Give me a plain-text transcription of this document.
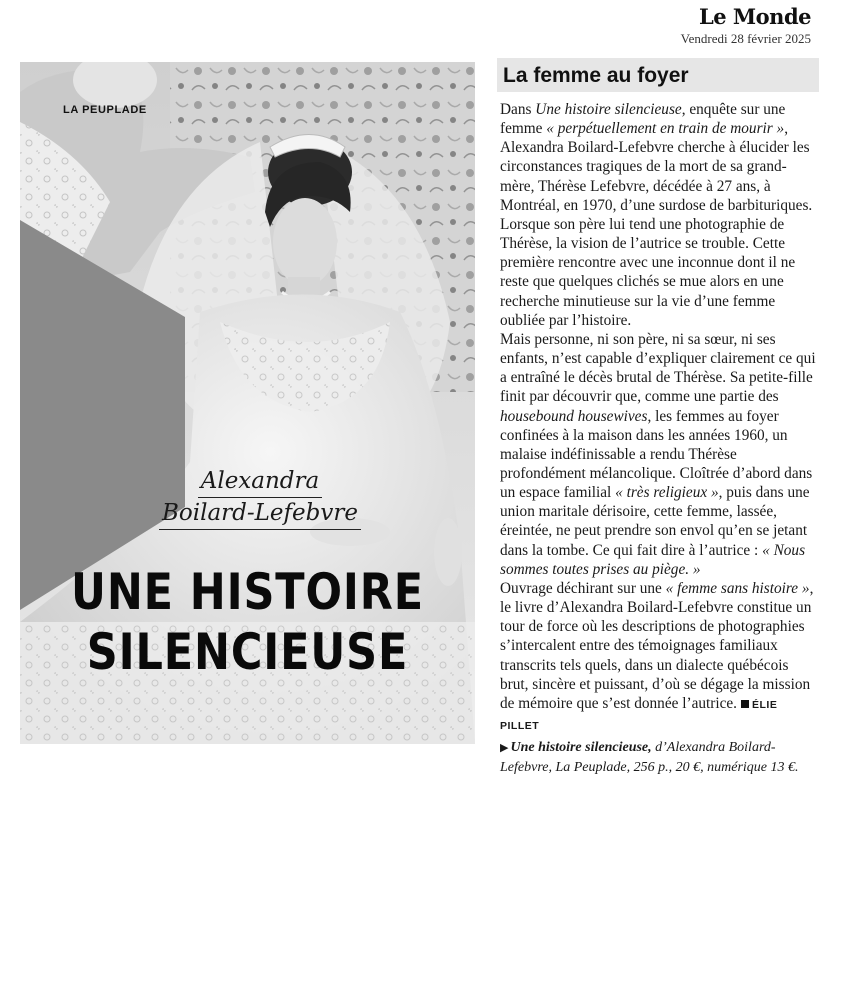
Le Monde
Vendredi 28 février 2025
LA PEUPLADE
Alexandra
Boilard-Lefebvre
UNE HISTOIRE
SILENCIEUSE
La femme au foyer

Dans Une histoire silencieuse, enquête sur une femme « perpétuellement en train de mourir », Alexandra Boilard-Lefebvre cherche à élucider les circonstances tragiques de la mort de sa grand-mère, Thérèse Lefebvre, décédée à 27 ans, à Montréal, en 1970, d’une surdose de barbituriques.

Lorsque son père lui tend une photographie de Thérèse, la vision de l’autrice se trouble. Cette première rencontre avec une inconnue dont il ne reste que quelques clichés se mue alors en une recherche minutieuse sur la vie d’une femme oubliée par l’histoire.

Mais personne, ni son père, ni sa sœur, ni ses enfants, n’est capable d’expliquer clairement ce qui a entraîné le décès brutal de Thérèse. Sa petite-fille finit par découvrir que, comme une partie des housebound housewives, les femmes au foyer confinées à la maison dans les années 1960, un malaise indéfinissable a rendu Thérèse profondément mélancolique. Cloîtrée d’abord dans un espace familial « très religieux », puis dans une union maritale dérisoire, cette femme, lassée, éreintée, ne peut prendre son envol qu’en se jetant dans la tombe. Ce qui fait dire à l’autrice : « Nous sommes toutes prises au piège. »

Ouvrage déchirant sur une « femme sans histoire », le livre d’Alexandra Boilard-Lefebvre constitue un tour de force où les descriptions de photographies s’intercalent entre des témoignages familiaux transcrits tels quels, dans un dialecte québécois brut, sincère et puissant, d’où se dégage la mission de mémoire que s’est donnée l’autrice. ÉLIE PILLET

▶ Une histoire silencieuse, d’Alexandra Boilard-Lefebvre, La Peuplade, 256 p., 20 €, numérique 13 €.
